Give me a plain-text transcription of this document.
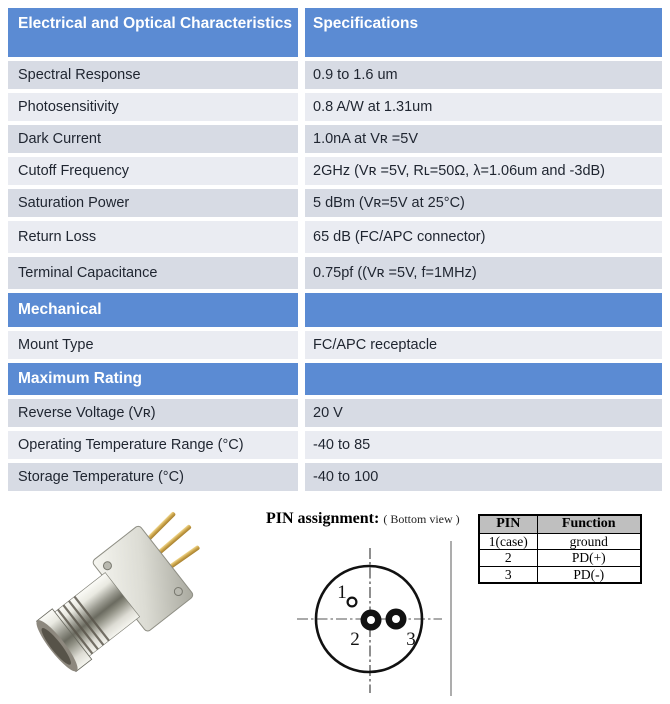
Electrical and Optical Characteristics	Specifications
Spectral Response	0.9 to 1.6 um
Photosensitivity	0.8 A/W at 1.31um
Dark Current	1.0nA at Vʀ =5V
Cutoff Frequency	2GHz (Vʀ =5V, Rʟ=50Ω, λ=1.06um and -3dB)
Saturation Power	5 dBm (Vʀ=5V at 25°C)
Return Loss	65 dB (FC/APC connector)
Terminal Capacitance	0.75pf ((Vʀ =5V, f=1MHz)
Mechanical
Mount Type	FC/APC receptacle
Maximum Rating
Reverse Voltage (Vʀ)	20 V
Operating Temperature Range (°C)	-40 to 85
Storage Temperature (°C)	-40 to 100
PIN assignment: ( Bottom view )
1
2 3
PIN	Function
1(case)	ground
2	PD(+)
3	PD(-)
